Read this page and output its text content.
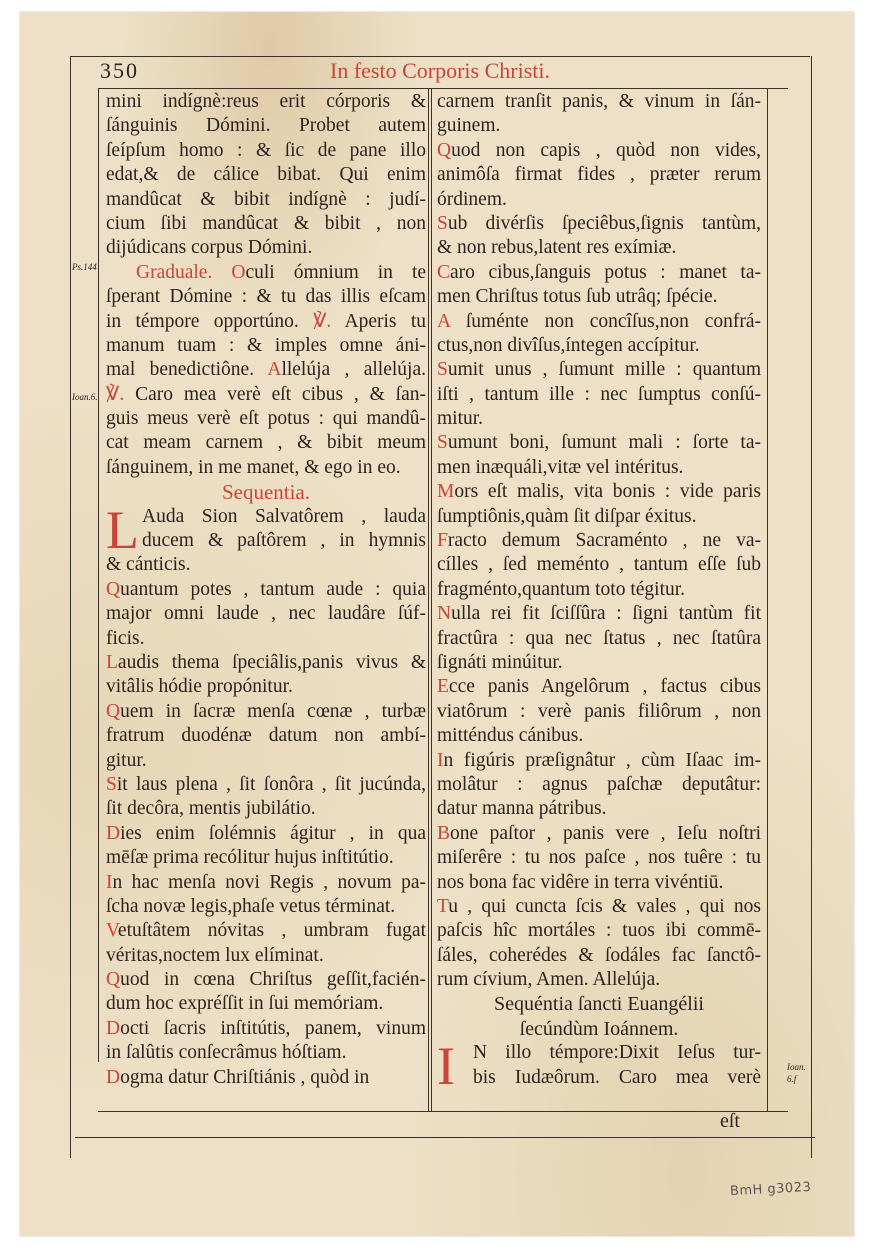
350	In festo Corporis Christi.
Ps.144
Ioan.6.
Ioan.
6.f
mini indígnè:reus erit córporis &
ſánguinis Dómini. Probet autem
ſeípſum homo : & ſic de pane illo
edat,& de cálice bibat. Qui enim
mandûcat & bibit indígnè : judí-
cium ſibi mandûcat & bibit , non
dijúdicans corpus Dómini.
Graduale. Oculi ómnium in te
ſperant Dómine : & tu das illis eſcam
in témpore opportúno. ℣. Aperis tu
manum tuam : & imples omne áni-
mal benedictiône. Allelúja , allelúja.
℣. Caro mea verè eſt cibus , & ſan-
guis meus verè eſt potus : qui mandû-
cat meam carnem , & bibit meum
ſánguinem, in me manet, & ego in eo.
Sequentia.
L Auda Sion Salvatôrem , lauda
ducem & paſtôrem , in hymnis
& cánticis.
Quantum potes , tantum aude : quia
major omni laude , nec laudâre ſúf-
ficis.
Laudis thema ſpeciâlis,panis vivus &
vitâlis hódie propónitur.
Quem in ſacræ menſa cœnæ , turbæ
fratrum duodénæ datum non ambí-
gitur.
Sit laus plena , ſit ſonôra , ſit jucúnda,
ſit decôra, mentis jubilátio.
Dies enim ſolémnis ágitur , in qua
mēſæ prima recólitur hujus inſtitútio.
In hac menſa novi Regis , novum pa-
ſcha novæ legis,phaſe vetus términat.
Vetuſtâtem nóvitas , umbram fugat
véritas,noctem lux elíminat.
Quod in cœna Chriſtus geſſit,facién-
dum hoc expréſſit in ſui memóriam.
Docti ſacris inſtitútis, panem, vinum
in ſalûtis conſecrâmus hóſtiam.
Dogma datur Chriſtiánis , quòd in
carnem tranſit panis, & vinum in ſán-
guinem.
Quod non capis , quòd non vides,
animôſa firmat fides , præter rerum
órdinem.
Sub divérſis ſpeciêbus,ſignis tantùm,
& non rebus,latent res exímiæ.
Caro cibus,ſanguis potus : manet ta-
men Chriſtus totus ſub utrâq; ſpécie.
A ſuménte non concîſus,non confrá-
ctus,non divîſus,íntegen accípitur.
Sumit unus , ſumunt mille : quantum
iſti , tantum ille : nec ſumptus conſú-
mitur.
Sumunt boni, ſumunt mali : ſorte ta-
men inæquáli,vitæ vel intéritus.
Mors eſt malis, vita bonis : vide paris
ſumptiônis,quàm ſit diſpar éxitus.
Fracto demum Sacraménto , ne va-
cílles , ſed meménto , tantum eſſe ſub
fragménto,quantum toto tégitur.
Nulla rei fit ſciſſûra : ſigni tantùm fit
fractûra : qua nec ſtatus , nec ſtatûra
ſignáti minúitur.
Ecce panis Angelôrum , factus cibus
viatôrum : verè panis filiôrum , non
mitténdus cánibus.
In figúris præſignâtur , cùm Iſaac im-
molâtur : agnus paſchæ deputâtur:
datur manna pátribus.
Bone paſtor , panis vere , Ieſu noſtri
miſerêre : tu nos paſce , nos tuêre : tu
nos bona fac vidêre in terra vivéntiū.
Tu , qui cuncta ſcis & vales , qui nos
paſcis hîc mortáles : tuos ibi commē-
ſáles, coherédes & ſodáles fac ſanctô-
rum cívium, Amen. Allelúja.
Sequéntia ſancti Euangélii
ſecúndùm Ioánnem.
I N illo témpore:Dixit Ieſus tur-
bis Iudæôrum. Caro mea verè
eſt
BmH g3023
